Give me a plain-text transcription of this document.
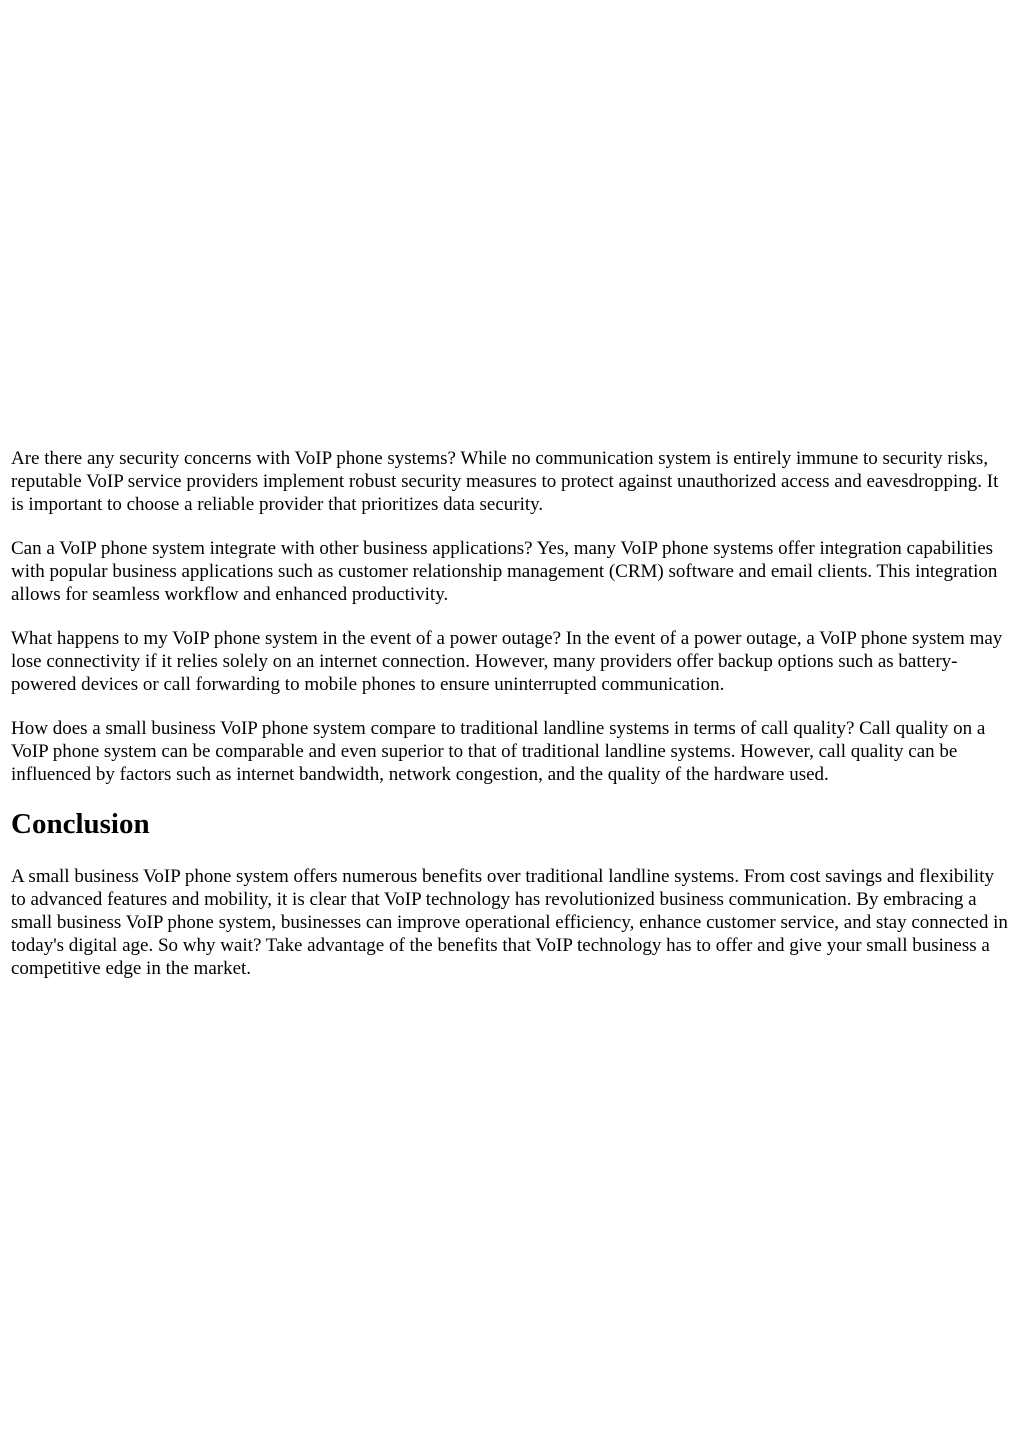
Are there any security concerns with VoIP phone systems? While no communication system is entirely immune to security risks, reputable VoIP service providers implement robust security measures to protect against unauthorized access and eavesdropping. It is important to choose a reliable provider that prioritizes data security.

Can a VoIP phone system integrate with other business applications? Yes, many VoIP phone systems offer integration capabilities with popular business applications such as customer relationship management (CRM) software and email clients. This integration allows for seamless workflow and enhanced productivity.

What happens to my VoIP phone system in the event of a power outage? In the event of a power outage, a VoIP phone system may lose connectivity if it relies solely on an internet connection. However, many providers offer backup options such as battery-powered devices or call forwarding to mobile phones to ensure uninterrupted communication.

How does a small business VoIP phone system compare to traditional landline systems in terms of call quality? Call quality on a VoIP phone system can be comparable and even superior to that of traditional landline systems. However, call quality can be influenced by factors such as internet bandwidth, network congestion, and the quality of the hardware used.

Conclusion

A small business VoIP phone system offers numerous benefits over traditional landline systems. From cost savings and flexibility to advanced features and mobility, it is clear that VoIP technology has revolutionized business communication. By embracing a small business VoIP phone system, businesses can improve operational efficiency, enhance customer service, and stay connected in today's digital age. So why wait? Take advantage of the benefits that VoIP technology has to offer and give your small business a competitive edge in the market.
